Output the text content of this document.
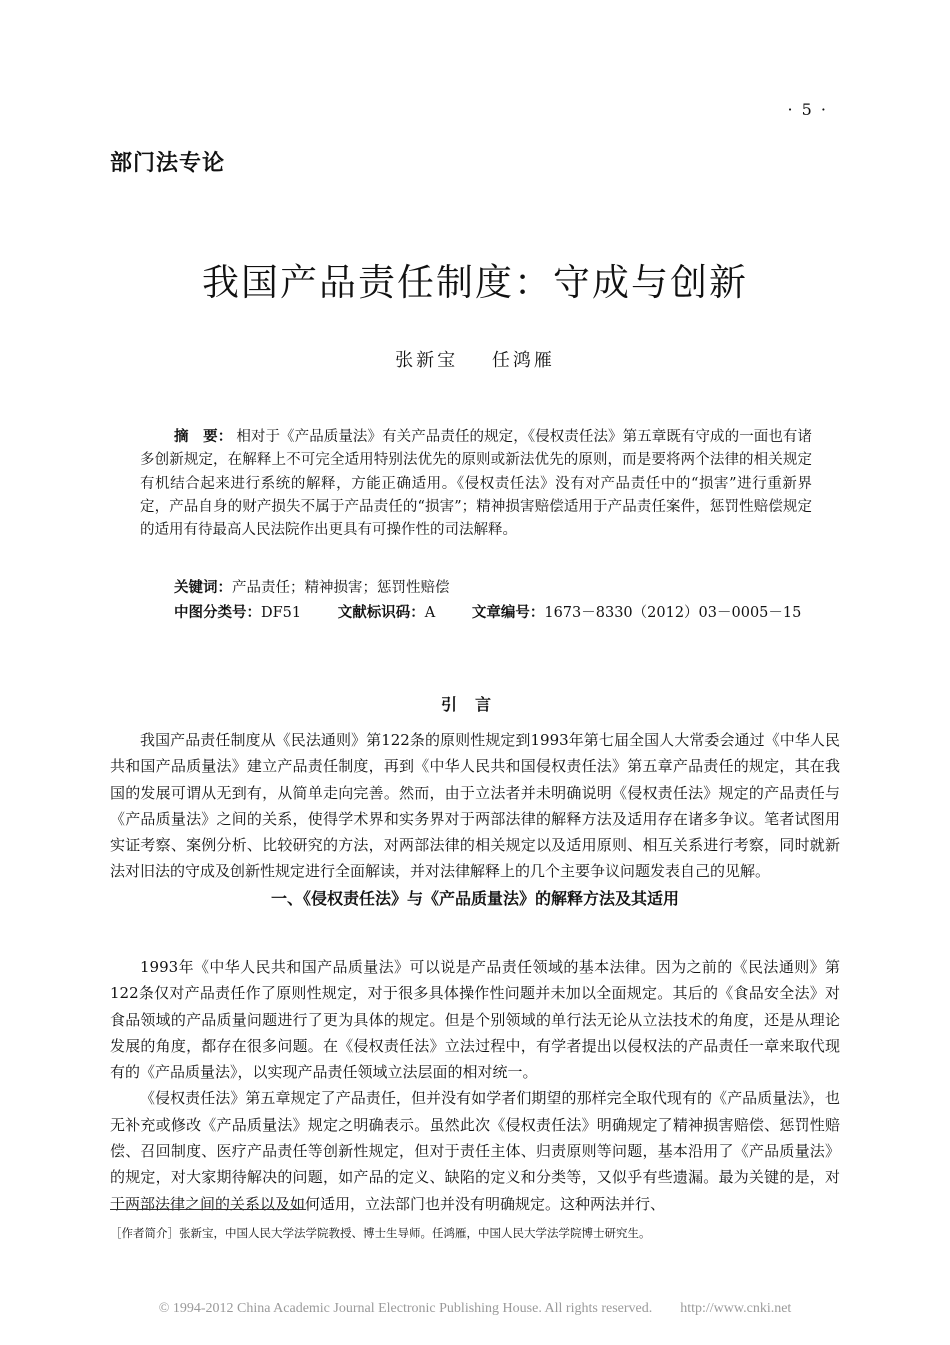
· 5 ·
部门法专论
我国产品责任制度：守成与创新
张新宝 任鸿雁
摘　要： 相对于《产品质量法》有关产品责任的规定，《侵权责任法》第五章既有守成的一面也有诸多创新规定，在解释上不可完全适用特别法优先的原则或新法优先的原则，而是要将两个法律的相关规定有机结合起来进行系统的解释，方能正确适用。《侵权责任法》没有对产品责任中的“损害”进行重新界定，产品自身的财产损失不属于产品责任的“损害”；精神损害赔偿适用于产品责任案件，惩罚性赔偿规定的适用有待最高人民法院作出更具有可操作性的司法解释。
关键词：产品责任；精神损害；惩罚性赔偿
中图分类号：DF51	文献标识码：A	文章编号：1673－8330（2012）03－0005－15
引言

我国产品责任制度从《民法通则》第122条的原则性规定到1993年第七届全国人大常委会通过《中华人民共和国产品质量法》建立产品责任制度，再到《中华人民共和国侵权责任法》第五章产品责任的规定，其在我国的发展可谓从无到有，从简单走向完善。然而，由于立法者并未明确说明《侵权责任法》规定的产品责任与《产品质量法》之间的关系，使得学术界和实务界对于两部法律的解释方法及适用存在诸多争议。笔者试图用实证考察、案例分析、比较研究的方法，对两部法律的相关规定以及适用原则、相互关系进行考察，同时就新法对旧法的守成及创新性规定进行全面解读，并对法律解释上的几个主要争议问题发表自己的见解。

一、《侵权责任法》与《产品质量法》的解释方法及其适用

1993年《中华人民共和国产品质量法》可以说是产品责任领域的基本法律。因为之前的《民法通则》第122条仅对产品责任作了原则性规定，对于很多具体操作性问题并未加以全面规定。其后的《食品安全法》对食品领域的产品质量问题进行了更为具体的规定。但是个别领域的单行法无论从立法技术的角度，还是从理论发展的角度，都存在很多问题。在《侵权责任法》立法过程中，有学者提出以侵权法的产品责任一章来取代现有的《产品质量法》，以实现产品责任领域立法层面的相对统一。

《侵权责任法》第五章规定了产品责任，但并没有如学者们期望的那样完全取代现有的《产品质量法》，也无补充或修改《产品质量法》规定之明确表示。虽然此次《侵权责任法》明确规定了精神损害赔偿、惩罚性赔偿、召回制度、医疗产品责任等创新性规定，但对于责任主体、归责原则等问题，基本沿用了《产品质量法》的规定，对大家期待解决的问题，如产品的定义、缺陷的定义和分类等，又似乎有些遗漏。最为关键的是，对于两部法律之间的关系以及如何适用，立法部门也并没有明确规定。这种两法并行、

［作者简介］张新宝，中国人民大学法学院教授、博士生导师。任鸿雁，中国人民大学法学院博士研究生。
© 1994-2012 China Academic Journal Electronic Publishing House. All rights reserved.　　http://www.cnki.net
